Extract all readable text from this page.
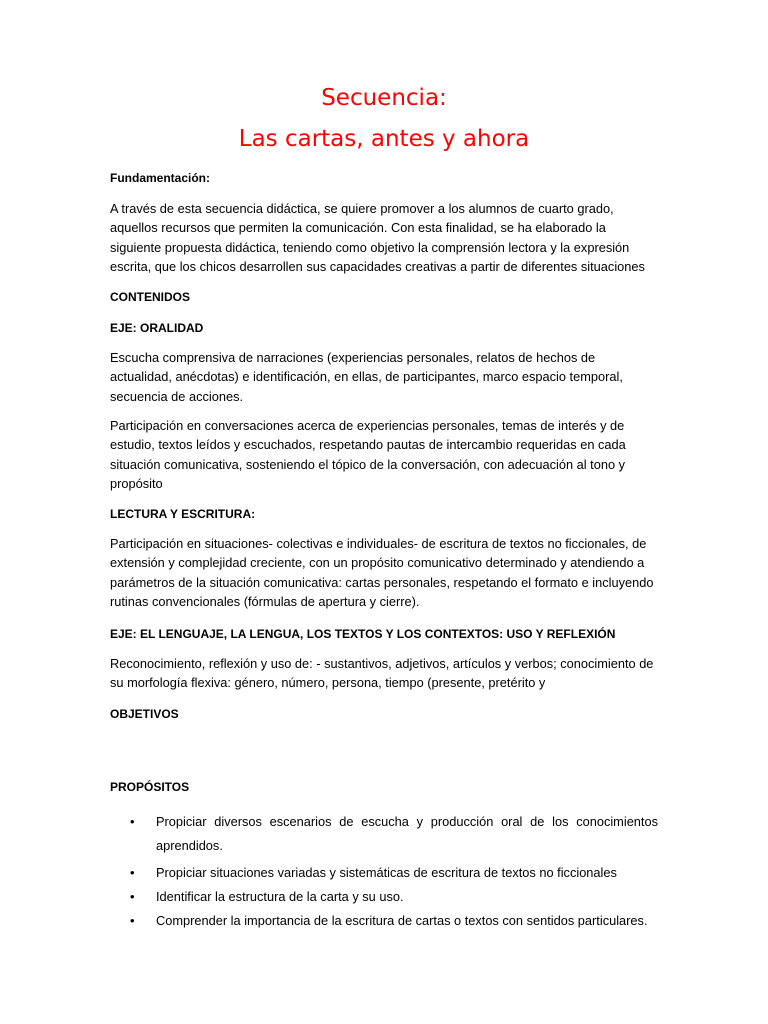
Secuencia:
Las cartas, antes y ahora

Fundamentación:

A través de esta secuencia didáctica, se quiere promover a los alumnos de cuarto grado, aquellos recursos que permiten la comunicación. Con esta finalidad, se ha elaborado la siguiente propuesta didáctica, teniendo como objetivo la comprensión lectora y la expresión escrita, que los chicos desarrollen sus capacidades creativas a partir de diferentes situaciones

CONTENIDOS

EJE: ORALIDAD

Escucha comprensiva de narraciones (experiencias personales, relatos de hechos de actualidad, anécdotas) e identificación, en ellas, de participantes, marco espacio temporal, secuencia de acciones.

Participación en conversaciones acerca de experiencias personales, temas de interés y de estudio, textos leídos y escuchados, respetando pautas de intercambio requeridas en cada situación comunicativa, sosteniendo el tópico de la conversación, con adecuación al tono y propósito

LECTURA Y ESCRITURA:

Participación en situaciones- colectivas e individuales- de escritura de textos no ficcionales, de extensión y complejidad creciente, con un propósito comunicativo determinado y atendiendo a parámetros de la situación comunicativa: cartas personales, respetando el formato e incluyendo rutinas convencionales (fórmulas de apertura y cierre).

EJE: EL LENGUAJE, LA LENGUA, LOS TEXTOS Y LOS CONTEXTOS: USO Y REFLEXIÓN

Reconocimiento, reflexión y uso de: - sustantivos, adjetivos, artículos y verbos; conocimiento de su morfología flexiva: género, número, persona, tiempo (presente, pretérito y

OBJETIVOS

PROPÓSITOS

• Propiciar diversos escenarios de escucha y producción oral de los conocimientos aprendidos.
• Propiciar situaciones variadas y sistemáticas de escritura de textos no ficcionales
• Identificar la estructura de la carta y su uso.
• Comprender la importancia de la escritura de cartas o textos con sentidos particulares.
